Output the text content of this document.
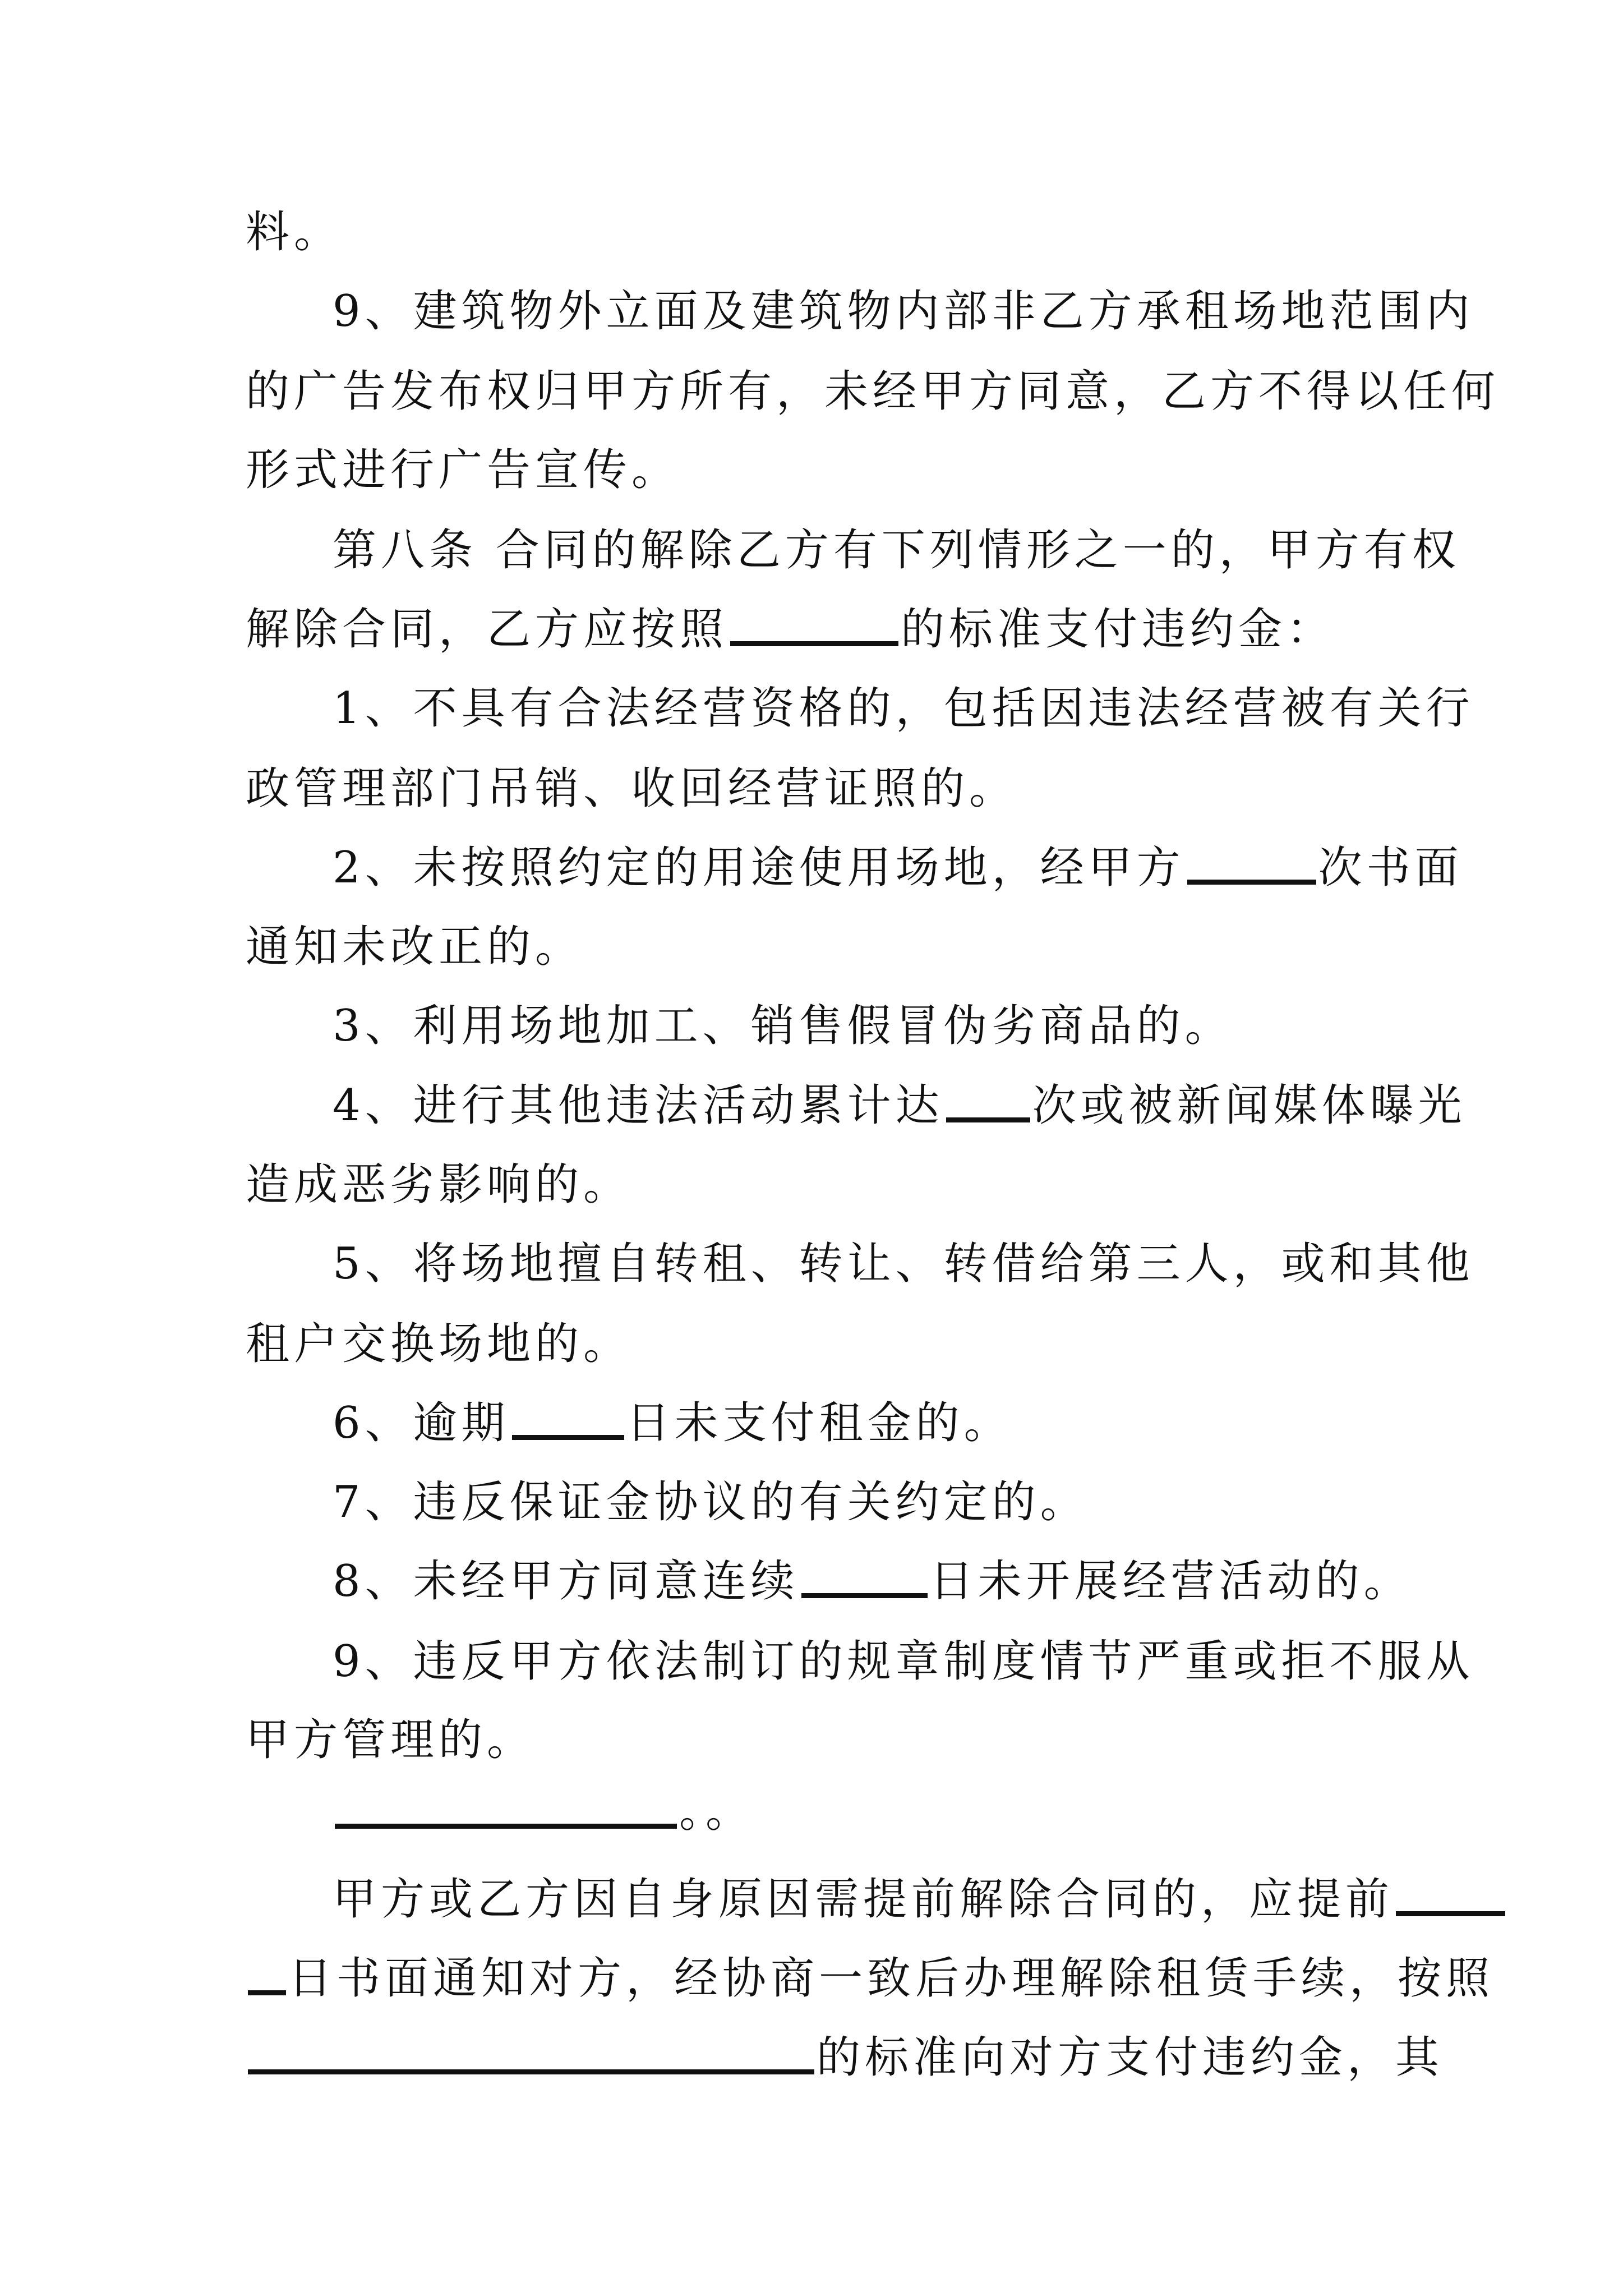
料。
9、建筑物外立面及建筑物内部非乙方承租场地范围内
的广告发布权归甲方所有，未经甲方同意，乙方不得以任何
形式进行广告宣传。
第八条 合同的解除乙方有下列情形之一的，甲方有权
解除合同，乙方应按照	的标准支付违约金：
1、不具有合法经营资格的，包括因违法经营被有关行
政管理部门吊销、收回经营证照的。
2、未按照约定的用途使用场地，经甲方	次书面
通知未改正的。
3、利用场地加工、销售假冒伪劣商品的。
4、进行其他违法活动累计达 次或被新闻媒体曝光
造成恶劣影响的。
5、将场地擅自转租、转让、转借给第三人，或和其他
租户交换场地的。
6、逾期	日未支付租金的。
7、违反保证金协议的有关约定的。
8、未经甲方同意连续	日未开展经营活动的。
9、违反甲方依法制订的规章制度情节严重或拒不服从
甲方管理的。
。。
甲方或乙方因自身原因需提前解除合同的，应提前
日书面通知对方，经协商一致后办理解除租赁手续，按照
的标准向对方支付违约金，其
